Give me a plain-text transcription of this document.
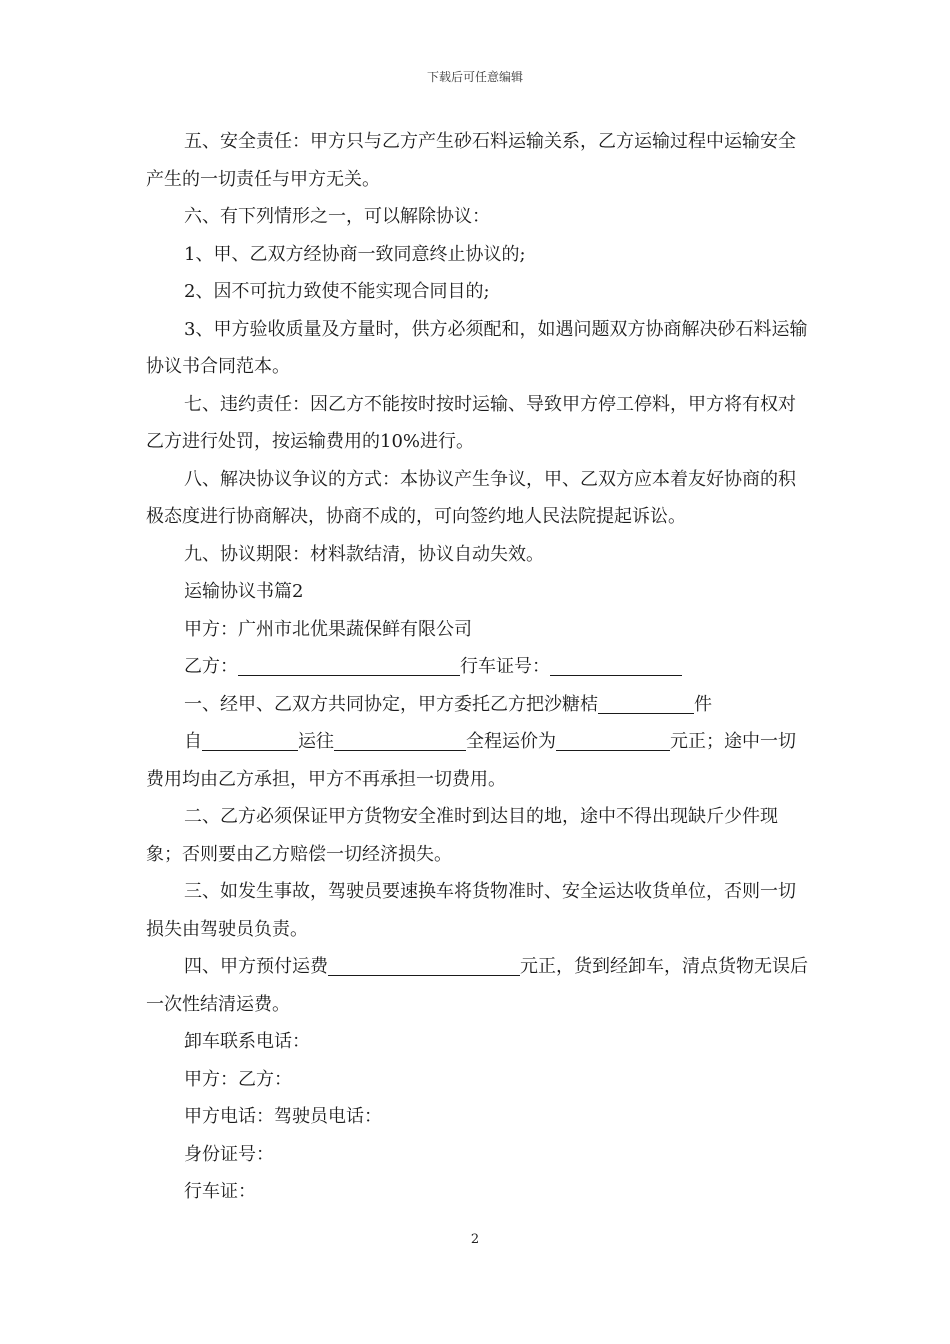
下载后可任意编辑

五、安全责任：甲方只与乙方产生砂石料运输关系，乙方运输过程中运输安全产生的一切责任与甲方无关。

六、有下列情形之一，可以解除协议：

1、甲、乙双方经协商一致同意终止协议的;

2、因不可抗力致使不能实现合同目的;

3、甲方验收质量及方量时，供方必须配和，如遇问题双方协商解决砂石料运输协议书合同范本。

七、违约责任：因乙方不能按时按时运输、导致甲方停工停料，甲方将有权对乙方进行处罚，按运输费用的10%进行。

八、解决协议争议的方式：本协议产生争议，甲、乙双方应本着友好协商的积极态度进行协商解决，协商不成的，可向签约地人民法院提起诉讼。

九、协议期限：材料款结清，协议自动失效。

运输协议书篇2

甲方：广州市北优果蔬保鲜有限公司

乙方：	行车证号：

一、经甲、乙双方共同协定，甲方委托乙方把沙糖桔	件

自	运往	全程运价为	元正；途中一切费用均由乙方承担，甲方不再承担一切费用。

二、乙方必须保证甲方货物安全准时到达目的地，途中不得出现缺斤少件现象；否则要由乙方赔偿一切经济损失。

三、如发生事故，驾驶员要速换车将货物准时、安全运达收货单位，否则一切损失由驾驶员负责。

四、甲方预付运费	元正，货到经卸车，清点货物无误后一次性结清运费。

卸车联系电话：

甲方：乙方：

甲方电话：驾驶员电话：

身份证号：

行车证：

2
